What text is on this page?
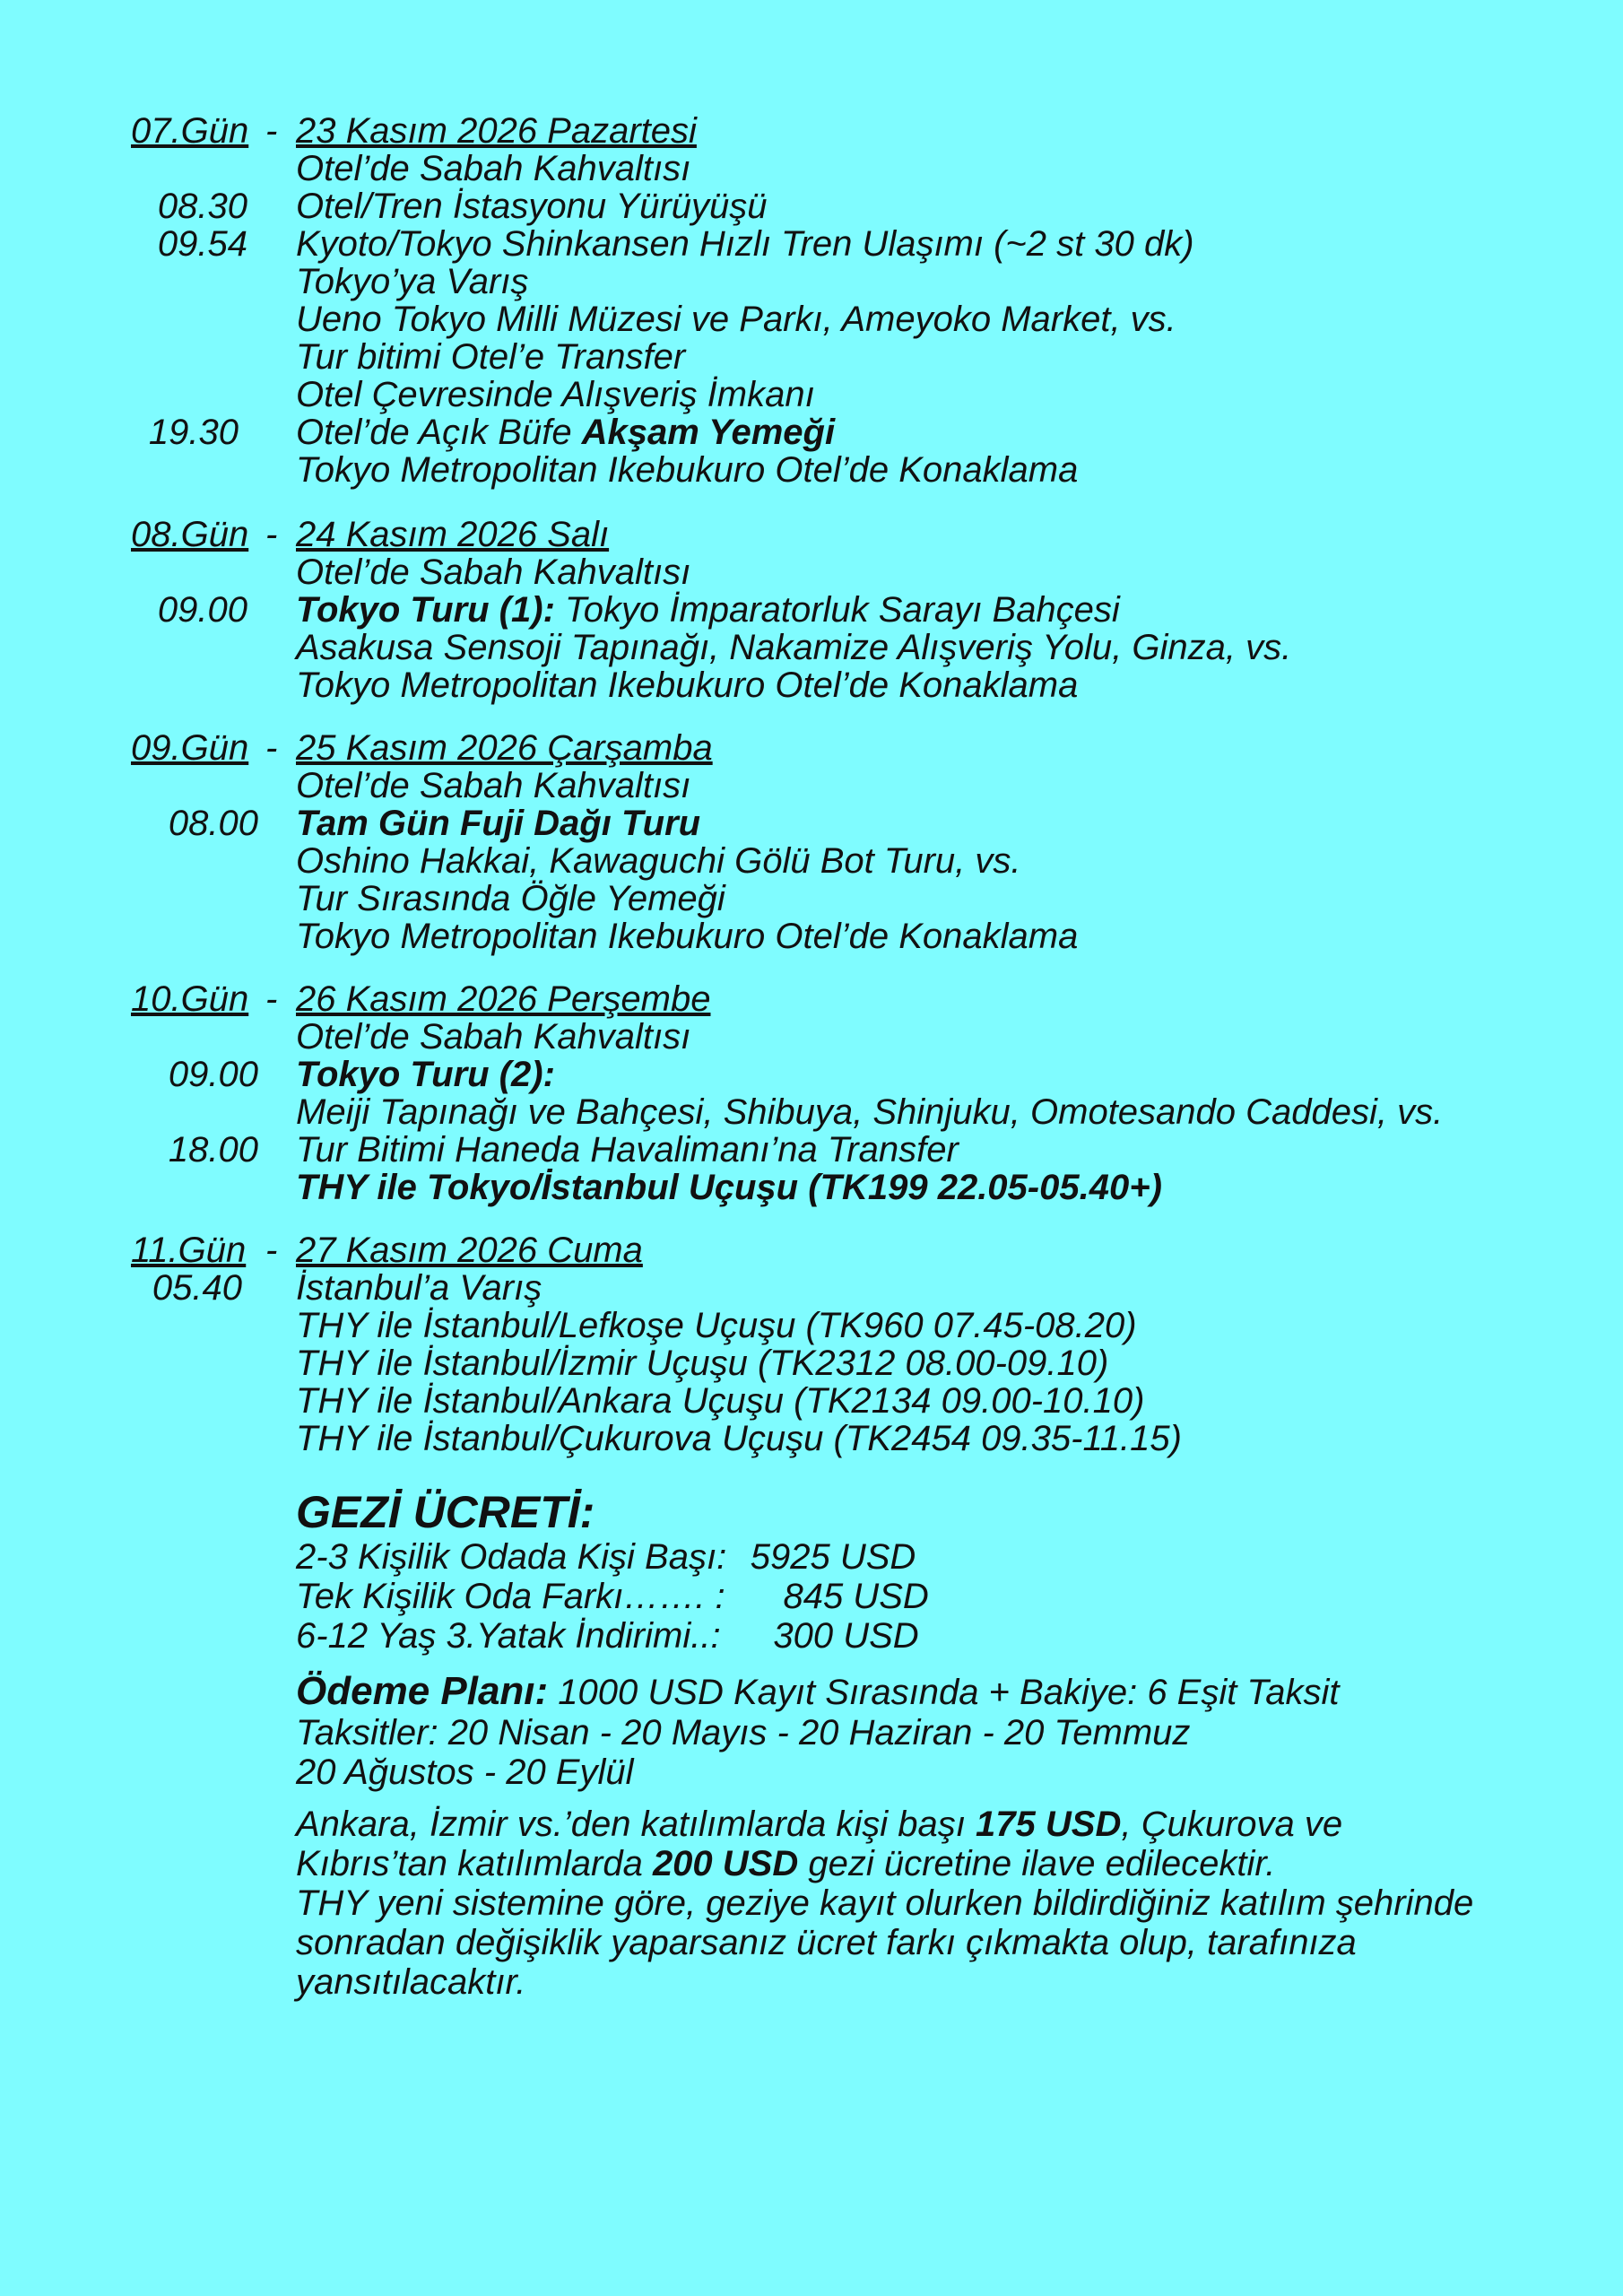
07.Gün - 23 Kasım 2026 Pazartesi
Otel’de Sabah Kahvaltısı
08.30 Otel/Tren İstasyonu Yürüyüşü
09.54 Kyoto/Tokyo Shinkansen Hızlı Tren Ulaşımı (~2 st 30 dk)
Tokyo’ya Varış
Ueno Tokyo Milli Müzesi ve Parkı, Ameyoko Market, vs.
Tur bitimi Otel’e Transfer
Otel Çevresinde Alışveriş İmkanı
19.30 Otel’de Açık Büfe Akşam Yemeği
Tokyo Metropolitan Ikebukuro Otel’de Konaklama
08.Gün - 24 Kasım 2026 Salı
Otel’de Sabah Kahvaltısı
09.00 Tokyo Turu (1): Tokyo İmparatorluk Sarayı Bahçesi
Asakusa Sensoji Tapınağı, Nakamize Alışveriş Yolu, Ginza, vs.
Tokyo Metropolitan Ikebukuro Otel’de Konaklama
09.Gün - 25 Kasım 2026 Çarşamba
Otel’de Sabah Kahvaltısı
08.00 Tam Gün Fuji Dağı Turu
Oshino Hakkai, Kawaguchi Gölü Bot Turu, vs.
Tur Sırasında Öğle Yemeği
Tokyo Metropolitan Ikebukuro Otel’de Konaklama
10.Gün - 26 Kasım 2026 Perşembe
Otel’de Sabah Kahvaltısı
09.00 Tokyo Turu (2):
Meiji Tapınağı ve Bahçesi, Shibuya, Shinjuku, Omotesando Caddesi, vs.
18.00 Tur Bitimi Haneda Havalimanı’na Transfer
THY ile Tokyo/İstanbul Uçuşu (TK199 22.05-05.40+)
11.Gün - 27 Kasım 2026 Cuma
05.40 İstanbul’a Varış
THY ile İstanbul/Lefkoşe Uçuşu (TK960 07.45-08.20)
THY ile İstanbul/İzmir Uçuşu (TK2312 08.00-09.10)
THY ile İstanbul/Ankara Uçuşu (TK2134 09.00-10.10)
THY ile İstanbul/Çukurova Uçuşu (TK2454 09.35-11.15)
GEZİ ÜCRETİ:
2-3 Kişilik Odada Kişi Başı: 5925 USD
Tek Kişilik Oda Farkı……. : 845 USD
6-12 Yaş 3.Yatak İndirimi..: 300 USD
Ödeme Planı: 1000 USD Kayıt Sırasında + Bakiye: 6 Eşit Taksit
Taksitler: 20 Nisan - 20 Mayıs - 20 Haziran - 20 Temmuz
20 Ağustos - 20 Eylül
Ankara, İzmir vs.’den katılımlarda kişi başı 175 USD, Çukurova ve
Kıbrıs’tan katılımlarda 200 USD gezi ücretine ilave edilecektir.
THY yeni sistemine göre, geziye kayıt olurken bildirdiğiniz katılım şehrinde
sonradan değişiklik yaparsanız ücret farkı çıkmakta olup, tarafınıza
yansıtılacaktır.
